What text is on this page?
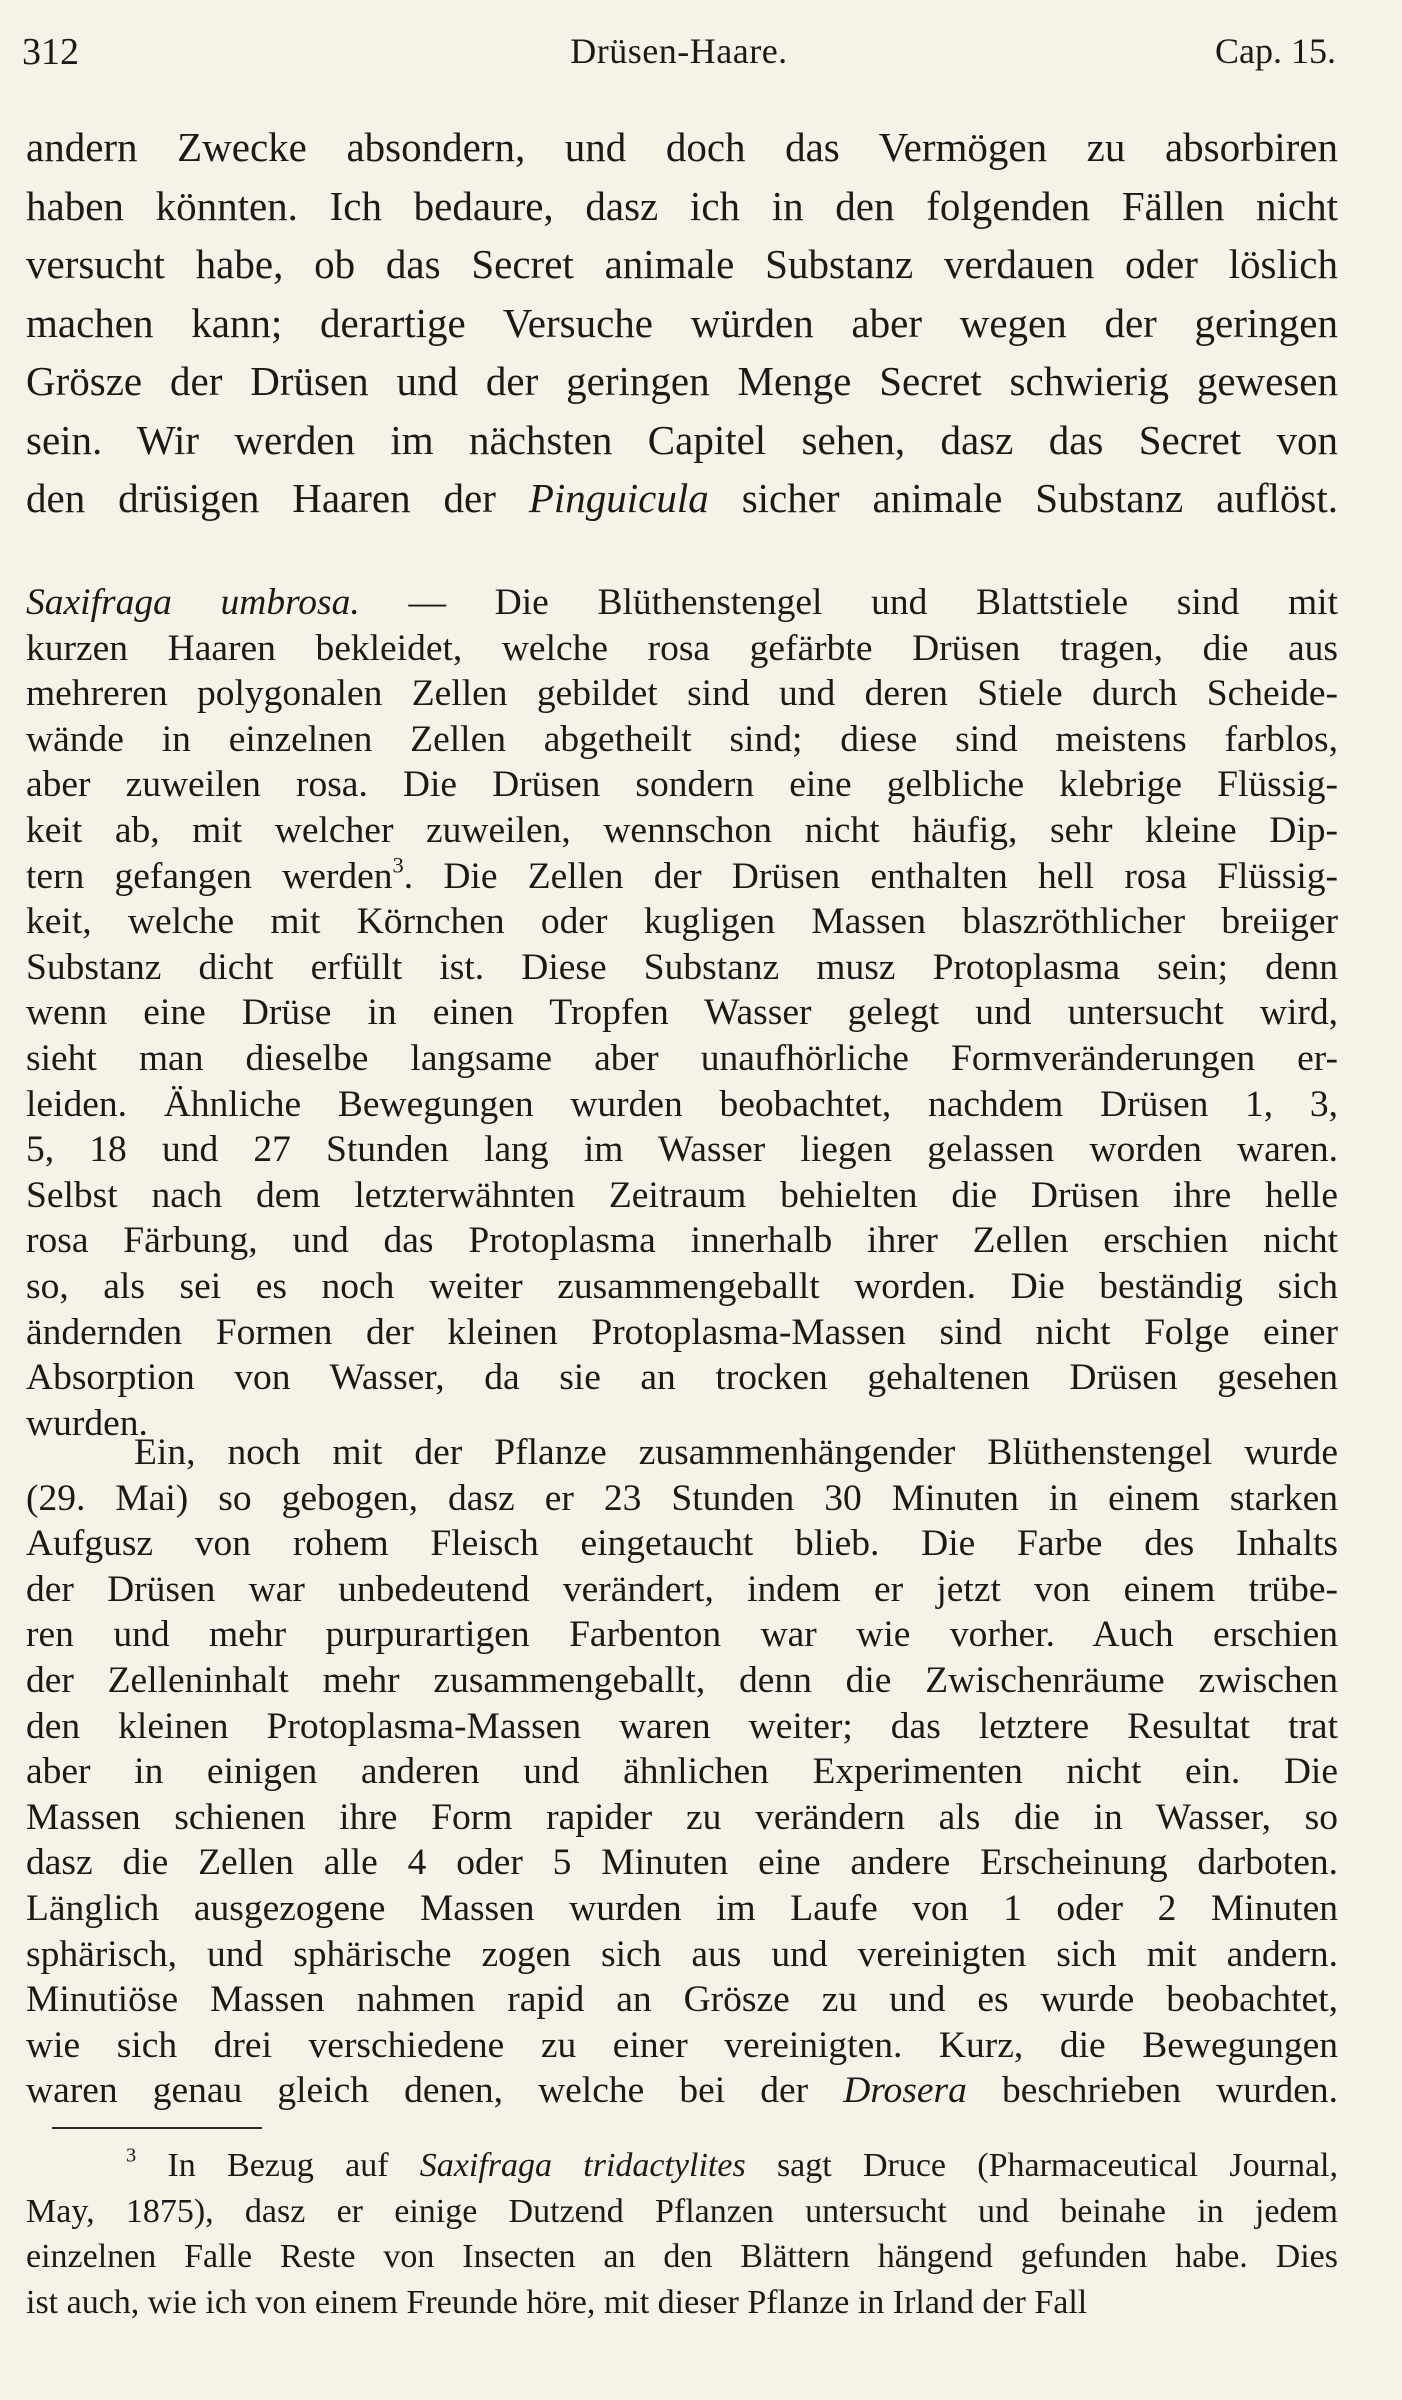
312	Drüsen-Haare.	Cap. 15.
andern Zwecke absondern, und doch das Vermögen zu absorbiren
haben könnten. Ich bedaure, dasz ich in den folgenden Fällen nicht
versucht habe, ob das Secret animale Substanz verdauen oder löslich
machen kann; derartige Versuche würden aber wegen der geringen
Grösze der Drüsen und der geringen Menge Secret schwierig gewesen
sein. Wir werden im nächsten Capitel sehen, dasz das Secret von
den drüsigen Haaren der Pinguicula sicher animale Substanz auflöst.
Saxifraga umbrosa. — Die Blüthenstengel und Blattstiele sind mit
kurzen Haaren bekleidet, welche rosa gefärbte Drüsen tragen, die aus
mehreren polygonalen Zellen gebildet sind und deren Stiele durch Scheide-
wände in einzelnen Zellen abgetheilt sind; diese sind meistens farblos,
aber zuweilen rosa. Die Drüsen sondern eine gelbliche klebrige Flüssig-
keit ab, mit welcher zuweilen, wennschon nicht häufig, sehr kleine Dip-
tern gefangen werden$^3$. Die Zellen der Drüsen enthalten hell rosa Flüssig-
keit, welche mit Körnchen oder kugligen Massen blaszröthlicher breiiger
Substanz dicht erfüllt ist. Diese Substanz musz Protoplasma sein; denn
wenn eine Drüse in einen Tropfen Wasser gelegt und untersucht wird,
sieht man dieselbe langsame aber unaufhörliche Formveränderungen er-
leiden. Ähnliche Bewegungen wurden beobachtet, nachdem Drüsen 1, 3,
5, 18 und 27 Stunden lang im Wasser liegen gelassen worden waren.
Selbst nach dem letzterwähnten Zeitraum behielten die Drüsen ihre helle
rosa Färbung, und das Protoplasma innerhalb ihrer Zellen erschien nicht
so, als sei es noch weiter zusammengeballt worden. Die beständig sich
ändernden Formen der kleinen Protoplasma-Massen sind nicht Folge einer
Absorption von Wasser, da sie an trocken gehaltenen Drüsen gesehen
wurden.
Ein, noch mit der Pflanze zusammenhängender Blüthenstengel wurde
(29. Mai) so gebogen, dasz er 23 Stunden 30 Minuten in einem starken
Aufgusz von rohem Fleisch eingetaucht blieb. Die Farbe des Inhalts
der Drüsen war unbedeutend verändert, indem er jetzt von einem trübe-
ren und mehr purpurartigen Farbenton war wie vorher. Auch erschien
der Zelleninhalt mehr zusammengeballt, denn die Zwischenräume zwischen
den kleinen Protoplasma-Massen waren weiter; das letztere Resultat trat
aber in einigen anderen und ähnlichen Experimenten nicht ein. Die
Massen schienen ihre Form rapider zu verändern als die in Wasser, so
dasz die Zellen alle 4 oder 5 Minuten eine andere Erscheinung darboten.
Länglich ausgezogene Massen wurden im Laufe von 1 oder 2 Minuten
sphärisch, und sphärische zogen sich aus und vereinigten sich mit andern.
Minutiöse Massen nahmen rapid an Grösze zu und es wurde beobachtet,
wie sich drei verschiedene zu einer vereinigten. Kurz, die Bewegungen
waren genau gleich denen, welche bei der Drosera beschrieben wurden.
$^3$ In Bezug auf Saxifraga tridactylites sagt Druce (Pharmaceutical Journal,
May, 1875), dasz er einige Dutzend Pflanzen untersucht und beinahe in jedem
einzelnen Falle Reste von Insecten an den Blättern hängend gefunden habe. Dies
ist auch, wie ich von einem Freunde höre, mit dieser Pflanze in Irland der Fall
